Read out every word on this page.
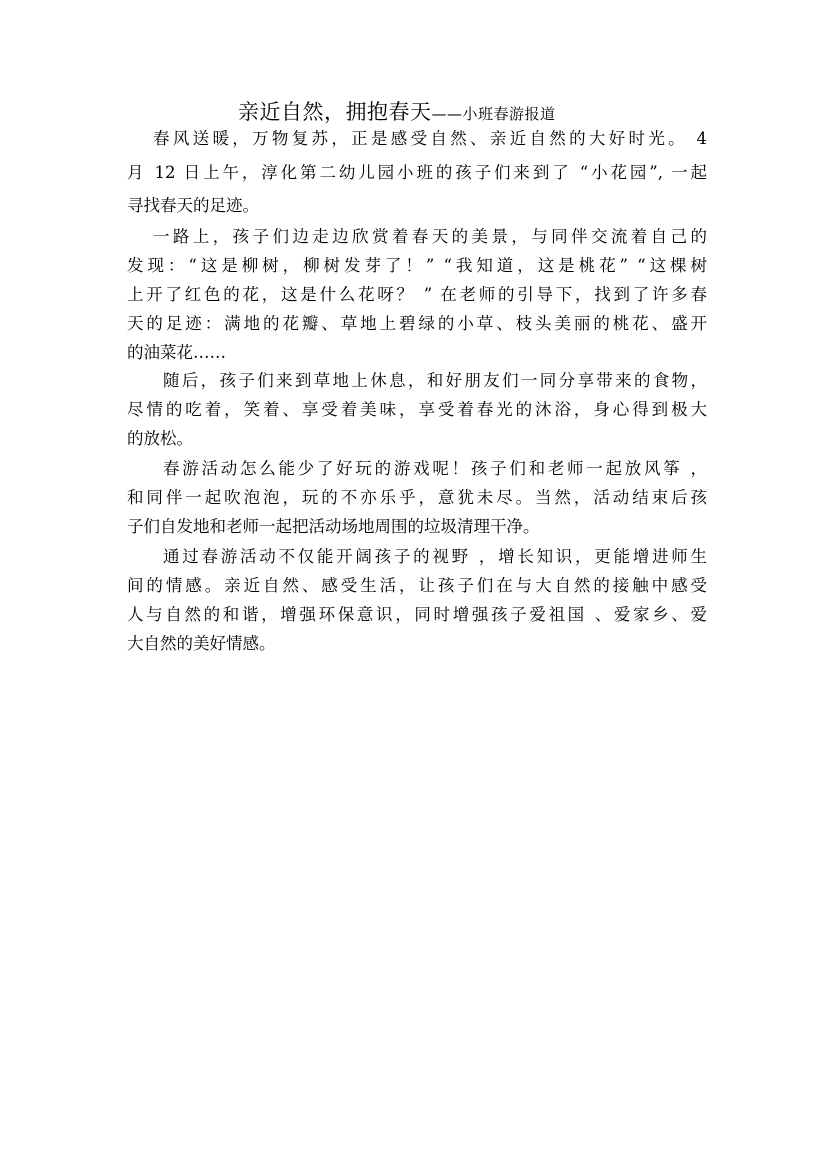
亲近自然，拥抱春天——小班春游报道
春风送暖，万物复苏，正是感受自然、亲近自然的大好时光。 4
月 12 日上午，淳化第二幼儿园小班的孩子们来到了 “小花园”, 一起
寻找春天的足迹。
一路上，孩子们边走边欣赏着春天的美景，与同伴交流着自己的
发现：“这是柳树，柳树发芽了！” “我知道，这是桃花” “这棵树
上开了红色的花，这是什么花呀？ ” 在老师的引导下，找到了许多春
天的足迹：满地的花瓣、草地上碧绿的小草、枝头美丽的桃花、盛开
的油菜花……
随后，孩子们来到草地上休息，和好朋友们一同分享带来的食物，
尽情的吃着，笑着、享受着美味，享受着春光的沐浴，身心得到极大
的放松。
春游活动怎么能少了好玩的游戏呢！孩子们和老师一起放风筝 ，
和同伴一起吹泡泡，玩的不亦乐乎，意犹未尽。当然，活动结束后孩
子们自发地和老师一起把活动场地周围的垃圾清理干净。
通过春游活动不仅能开阔孩子的视野 ，增长知识，更能增进师生
间的情感。亲近自然、感受生活，让孩子们在与大自然的接触中感受
人与自然的和谐，增强环保意识，同时增强孩子爱祖国 、爱家乡、爱
大自然的美好情感。
